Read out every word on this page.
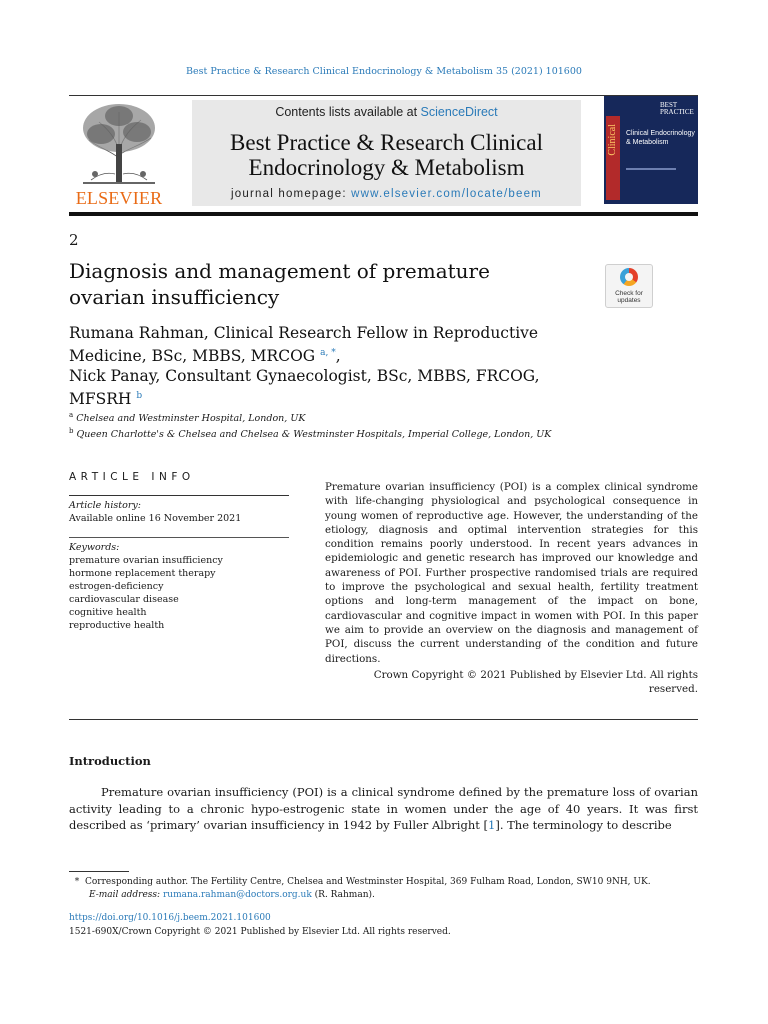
Best Practice & Research Clinical Endocrinology & Metabolism 35 (2021) 101600
ELSEVIER
Contents lists available at ScienceDirect
Best Practice & Research Clinical Endocrinology & Metabolism
journal homepage: www.elsevier.com/locate/beem
BEST PRACTICE
Clinical Clinical Endocrinology & Metabolism
2
Diagnosis and management of premature ovarian insufficiency	Check for updates
Rumana Rahman, Clinical Research Fellow in Reproductive Medicine, BSc, MBBS, MRCOG $^{a, *}$,
Nick Panay, Consultant Gynaecologist, BSc, MBBS, FRCOG, MFSRH $^b$
$^a$ Chelsea and Westminster Hospital, London, UK
$^b$ Queen Charlotte's & Chelsea and Chelsea & Westminster Hospitals, Imperial College, London, UK
ARTICLE INFO
Article history:
Available online 16 November 2021
Keywords:
premature ovarian insufficiency
hormone replacement therapy
estrogen-deficiency
cardiovascular disease
cognitive health
reproductive health
Premature ovarian insufficiency (POI) is a complex clinical syndrome with life-changing physiological and psychological consequence in young women of reproductive age. However, the understanding of the etiology, diagnosis and optimal intervention strategies for this condition remains poorly understood. In recent years advances in epidemiologic and genetic research has improved our knowledge and awareness of POI. Further prospective randomised trials are required to improve the psychological and sexual health, fertility treatment options and long-term management of the impact on bone, cardiovascular and cognitive impact in women with POI. In this paper we aim to provide an overview on the diagnosis and management of POI, discuss the current understanding of the condition and future directions.
Crown Copyright © 2021 Published by Elsevier Ltd. All rights reserved.
Introduction
Premature ovarian insufficiency (POI) is a clinical syndrome defined by the premature loss of ovarian activity leading to a chronic hypo-estrogenic state in women under the age of 40 years. It was first described as ‘primary’ ovarian insufficiency in 1942 by Fuller Albright [1]. The terminology to describe
* Corresponding author. The Fertility Centre, Chelsea and Westminster Hospital, 369 Fulham Road, London, SW10 9NH, UK.
E-mail address: rumana.rahman@doctors.org.uk (R. Rahman).
https://doi.org/10.1016/j.beem.2021.101600
1521-690X/Crown Copyright © 2021 Published by Elsevier Ltd. All rights reserved.
